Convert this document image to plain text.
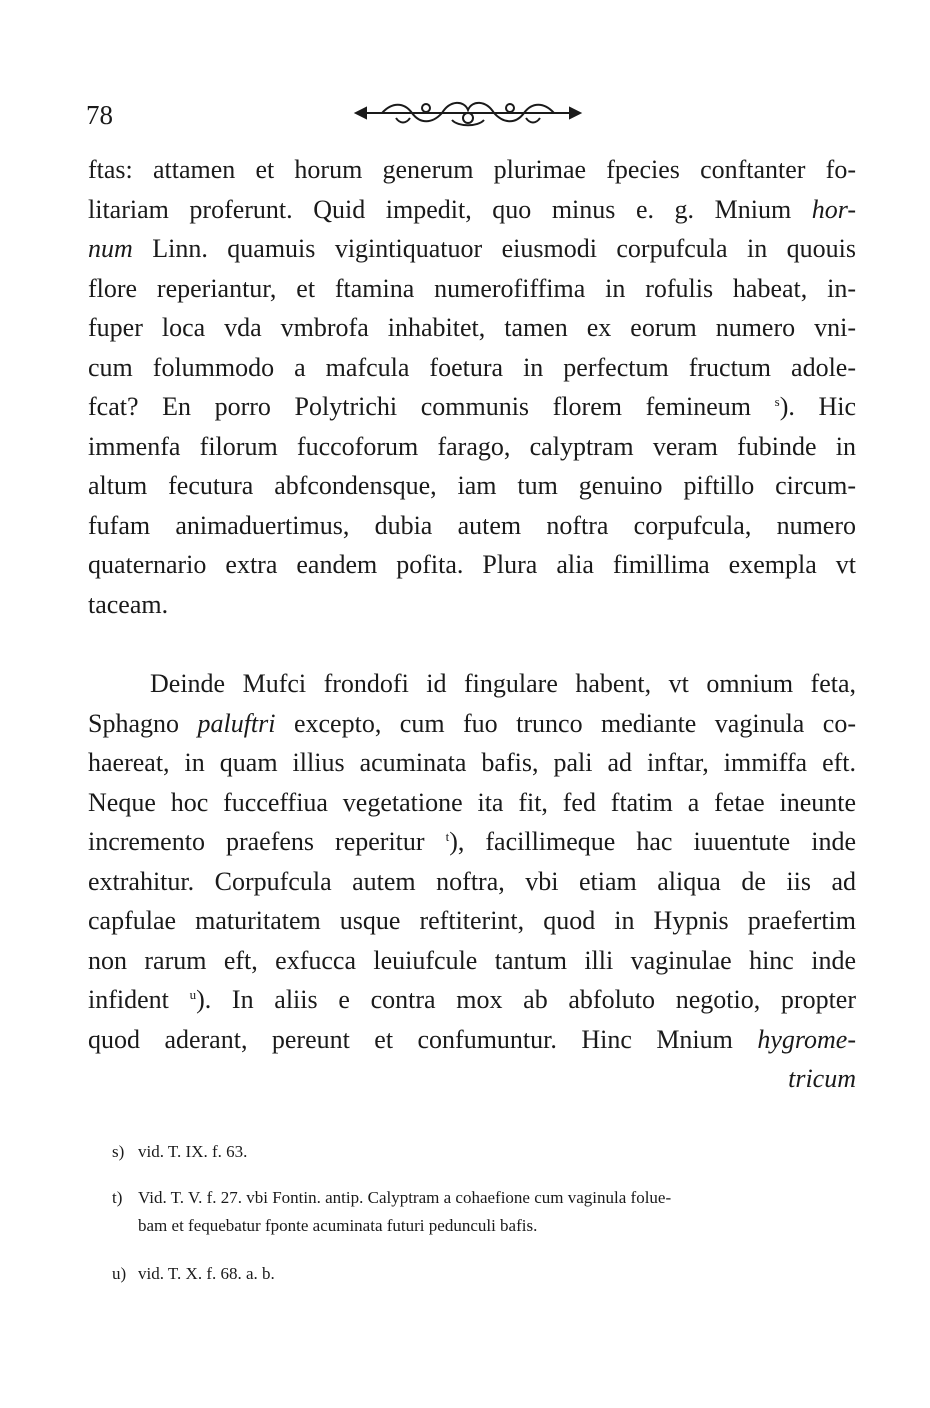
78
ftas: attamen et horum generum plurimae fpecies conftanter fo-
litariam proferunt. Quid impedit, quo minus e. g. Mnium hor-
num Linn. quamuis vigintiquatuor eiusmodi corpufcula in quouis
flore reperiantur, et ftamina numerofiffima in rofulis habeat, in-
fuper loca vda vmbrofa inhabitet, tamen ex eorum numero vni-
cum folummodo a mafcula foetura in perfectum fructum adole-
fcat? En porro Polytrichi communis florem femineum $^s$). Hic
immenfa filorum fuccoforum farago, calyptram veram fubinde in
altum fecutura abfcondensque, iam tum genuino piftillo circum-
fufam animaduertimus, dubia autem noftra corpufcula, numero
quaternario extra eandem pofita. Plura alia fimillima exempla vt
taceam.
Deinde Mufci frondofi id fingulare habent, vt omnium feta,
Sphagno paluftri excepto, cum fuo trunco mediante vaginula co-
haereat, in quam illius acuminata bafis, pali ad inftar, immiffa eft.
Neque hoc fucceffiua vegetatione ita fit, fed ftatim a fetae ineunte
incremento praefens reperitur $^t$), facillimeque hac iuuentute inde
extrahitur. Corpufcula autem noftra, vbi etiam aliqua de iis ad
capfulae maturitatem usque reftiterint, quod in Hypnis praefertim
non rarum eft, exfucca leuiufcule tantum illi vaginulae hinc inde
infident $^u$). In aliis e contra mox ab abfoluto negotio, propter
quod aderant, pereunt et confumuntur. Hinc Mnium hygrome-
tricum
s) vid. T. IX. f. 63.
t) Vid. T. V. f. 27. vbi Fontin. antip. Calyptram a cohaefione cum vaginula folue-
bam et fequebatur fponte acuminata futuri pedunculi bafis.
u) vid. T. X. f. 68. a. b.
